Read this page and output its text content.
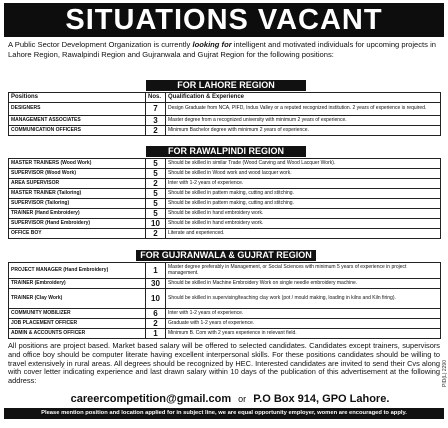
SITUATIONS VACANT
A Public Sector Development Organization is currently looking for intelligent and motivated individuals for upcoming projects in Lahore Region, Rawalpindi Region and Gujranwala and Gujrat Region for the following positions:
FOR LAHORE REGION
Positions	Nos.	Qualification & Experience
DESIGNERS	7	Design Graduate from NCA, PIFD, Indus Valley or a reputed recognized institution. 2 years of experience is required.
MANAGEMENT ASSOCIATES	3	Master degree from a recognized university with minimum 2 years of experience.
COMMUNICATION OFFICERS	2	Minimum Bachelor degree with minimum 2 years of experience.
FOR RAWALPINDI REGION
MASTER TRAINERS (Wood Work)	5	Should be skilled in similar Trade (Wood Carving and Wood Lacquer Work).
SUPERVISOR (Wood Work)	5	Should be skilled in Wood work and wood lacquer work.
AREA SUPERVISOR	2	Inter with 1-2 years of experience.
MASTER TRAINER (Tailoring)	5	Should be skilled in pattern making, cutting and stitching.
SUPERVISOR (Tailoring)	5	Should be skilled in pattern making, cutting and stitching.
TRAINER (Hand Embroidery)	5	Should be skilled in hand embroidery work.
SUPERVISOR (Hand Embroidery)	10	Should be skilled in hand embroidery work.
OFFICE BOY	2	Literate and experienced.
FOR GUJRANWALA & GUJRAT REGION
PROJECT MANAGER (Hand Embroidery)	1	Master degree preferably in Management, or Social Sciences with minimum 5 years of experience in project management.
TRAINER (Embroidery)	30	Should be skilled in Machine Embroidery Work on single needle embroidery machine.
TRAINER (Clay Work)	10	Should be skilled in supervising/teaching clay work (pot / mould making, loading in kilns and Kiln firing).
COMMUNITY MOBILIZER	6	Inter with 1-2 years of experience.
JOB PLACEMENT OFFICER	2	Graduate with 1-2 years of experience.
ADMIN & ACCOUNTS OFFICER	1	Minimum B. Com with 2 years experience in relevant field.
All positions are project based. Market based salary will be offered to selected candidates. Candidates except trainers, supervisors and office boy should be computer literate having excellent interpersonal skills. For these positions candidates should be willing to travel extensively in rural areas. All degrees should be recognized by HEC. Interested candidates are invited to send their Cvs along with cover letter indicating experience and last drawn salary within 10 days of the publication of this advertisement at the following address:
careercompetition@gmail.com or P.O Box 914, GPO Lahore.
Please mention position and location applied for in subject line, we are equal opportunity employer, women are encouraged to apply.
PID(L) 2290
